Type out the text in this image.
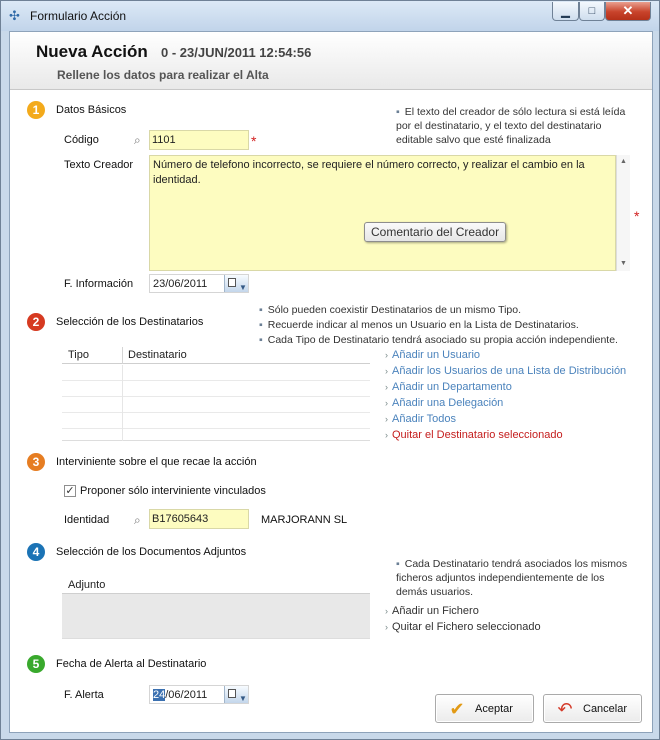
✣ Formulario Acción	▁	□	✕
Nueva Acción 0 - 23/JUN/2011 12:54:56
Rellene los datos para realizar el Alta
1	Datos Básicos	▪ El texto del creador de sólo lectura si está leída por el destinatario, y el texto del destinatario editable salvo que esté finalizada
Código	⌕	1101	*
Texto Creador	Número de telefono incorrecto, se requiere el número correcto, y realizar el cambio en la identidad.
▲
▼
*
Comentario del Creador
F. Información	23/06/2011	▼
2	Selección de los Destinatarios
▪ Sólo pueden coexistir Destinatarios de un mismo Tipo.
▪ Recuerde indicar al menos un Usuario en la Lista de Destinatarios.
▪ Cada Tipo de Destinatario tendrá asociado su propia acción independiente.
Tipo	Destinatario	› Añadir un Usuario
› Añadir los Usuarios de una Lista de Distribución
› Añadir un Departamento
› Añadir una Delegación
› Añadir Todos
› Quitar el Destinatario seleccionado
3	Interviniente sobre el que recae la acción
✓ Proponer sólo interviniente vinculados
Identidad ⌕	B17605643	MARJORANN SL
4	Selección de los Documentos Adjuntos
▪ Cada Destinatario tendrá asociados los mismos ficheros adjuntos independientemente de los demás usuarios.
Adjunto
› Añadir un Fichero
› Quitar el Fichero seleccionado
5	Fecha de Alerta al Destinatario
F. Alerta	24/06/2011	▼	✔ Aceptar ↶ Cancelar
